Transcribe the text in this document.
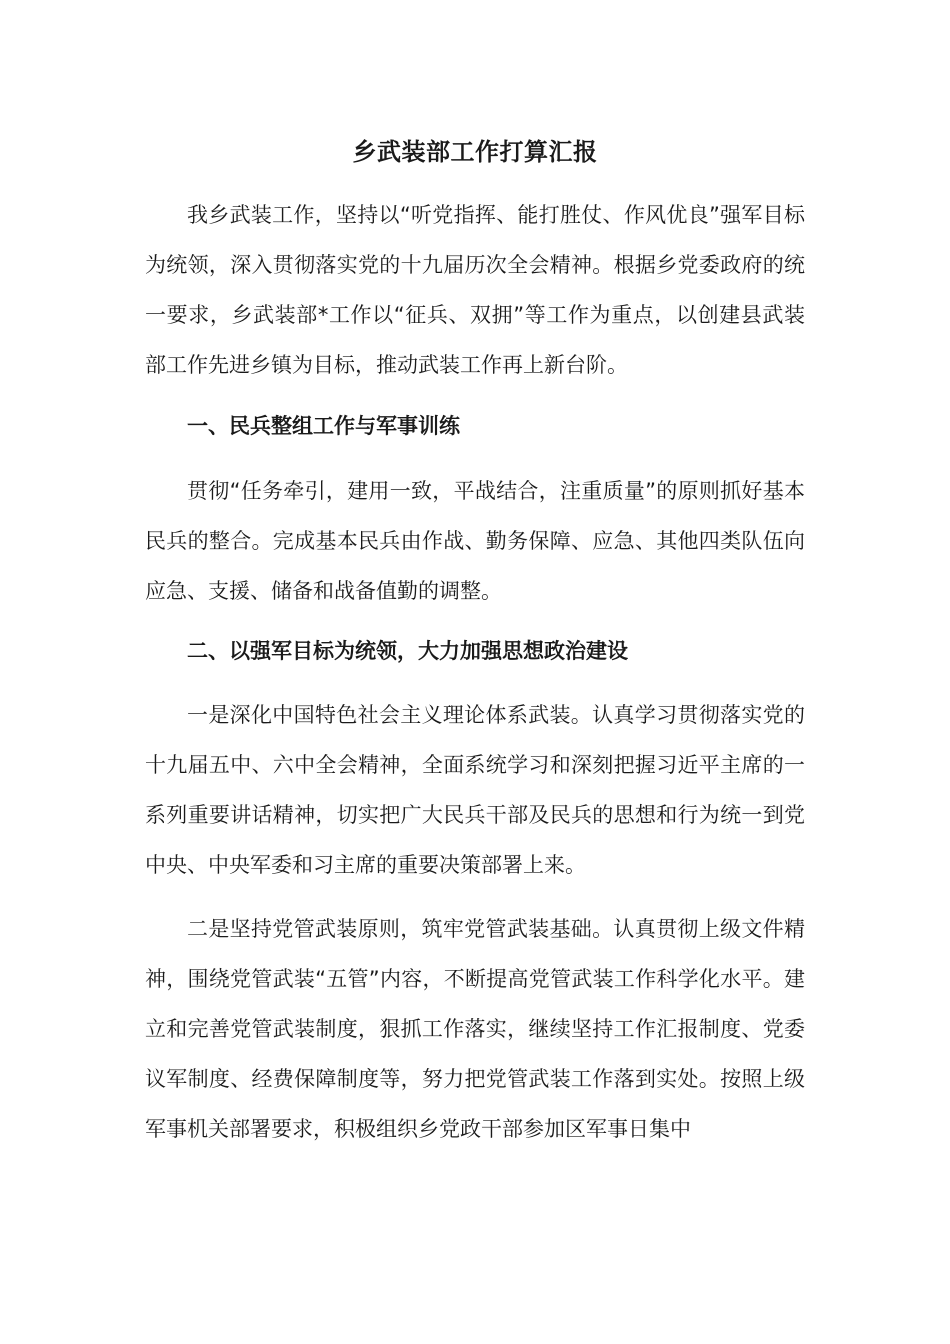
乡武装部工作打算汇报

我乡武装工作，坚持以“听党指挥、能打胜仗、作风优良”强军目标为统领，深入贯彻落实党的十九届历次全会精神。根据乡党委政府的统一要求，乡武装部*工作以“征兵、双拥”等工作为重点，以创建县武装部工作先进乡镇为目标，推动武装工作再上新台阶。

一、民兵整组工作与军事训练

贯彻“任务牵引，建用一致，平战结合，注重质量”的原则抓好基本民兵的整合。完成基本民兵由作战、勤务保障、应急、其他四类队伍向应急、支援、储备和战备值勤的调整。

二、以强军目标为统领，大力加强思想政治建设

一是深化中国特色社会主义理论体系武装。认真学习贯彻落实党的十九届五中、六中全会精神，全面系统学习和深刻把握习近平主席的一系列重要讲话精神，切实把广大民兵干部及民兵的思想和行为统一到党中央、中央军委和习主席的重要决策部署上来。

二是坚持党管武装原则，筑牢党管武装基础。认真贯彻上级文件精神，围绕党管武装“五管”内容，不断提高党管武装工作科学化水平。建立和完善党管武装制度，狠抓工作落实，继续坚持工作汇报制度、党委议军制度、经费保障制度等，努力把党管武装工作落到实处。按照上级军事机关部署要求，积极组织乡党政干部参加区军事日集中
